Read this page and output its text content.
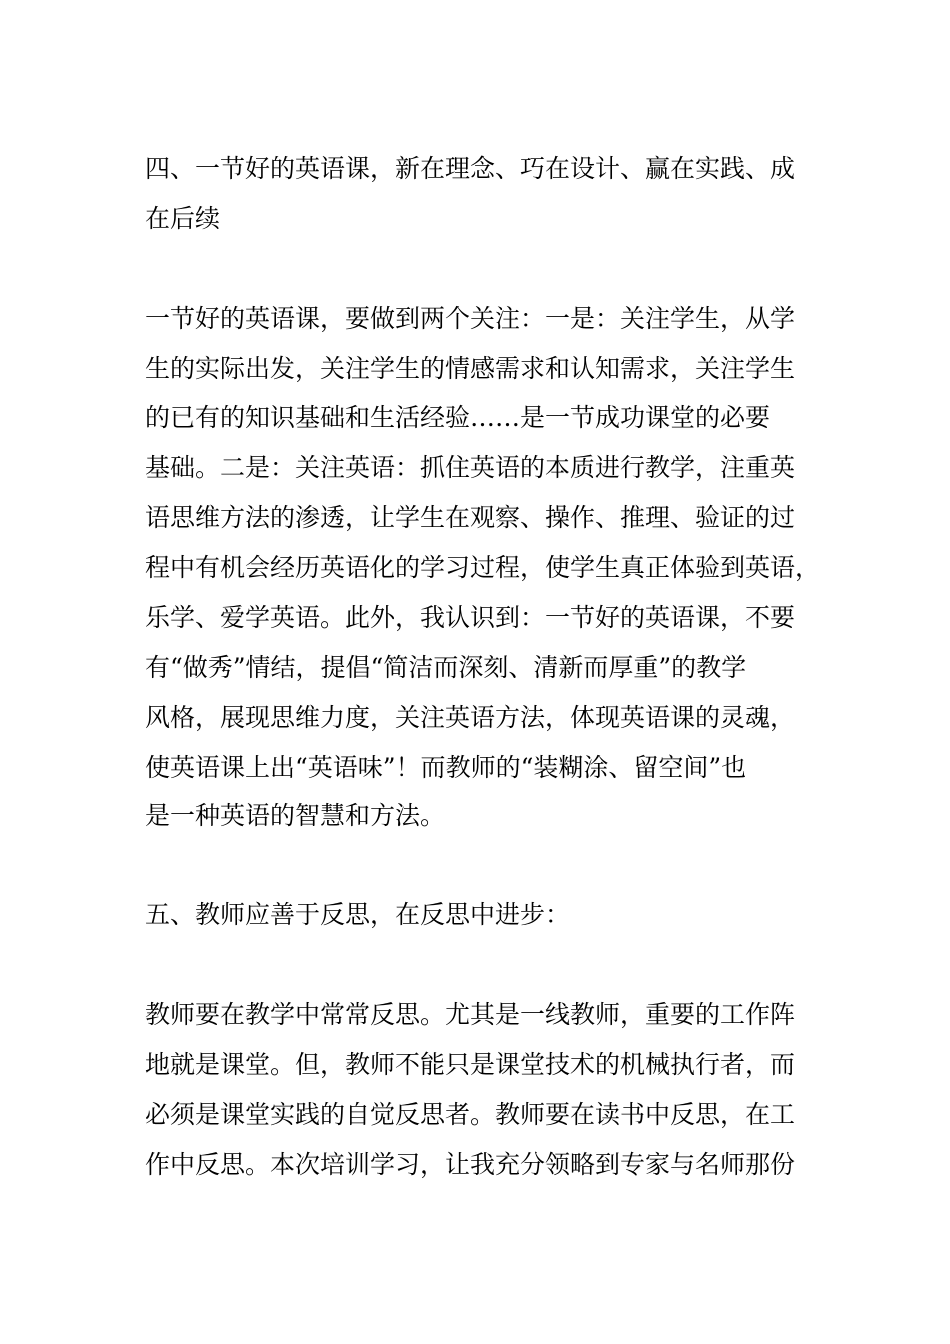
四、一节好的英语课，新在理念、巧在设计、赢在实践、成

在后续

一节好的英语课，要做到两个关注：一是：关注学生，从学

生的实际出发，关注学生的情感需求和认知需求，关注学生

的已有的知识基础和生活经验……是一节成功课堂的必要

基础。二是：关注英语：抓住英语的本质进行教学，注重英

语思维方法的渗透，让学生在观察、操作、推理、验证的过

程中有机会经历英语化的学习过程，使学生真正体验到英语，

乐学、爱学英语。此外，我认识到：一节好的英语课，不要

有“做秀”情结，提倡“简洁而深刻、清新而厚重”的教学

风格，展现思维力度，关注英语方法，体现英语课的灵魂，

使英语课上出“英语味”！而教师的“装糊涂、留空间”也

是一种英语的智慧和方法。

五、教师应善于反思，在反思中进步：

教师要在教学中常常反思。尤其是一线教师，重要的工作阵

地就是课堂。但，教师不能只是课堂技术的机械执行者，而

必须是课堂实践的自觉反思者。教师要在读书中反思，在工

作中反思。本次培训学习，让我充分领略到专家与名师那份
